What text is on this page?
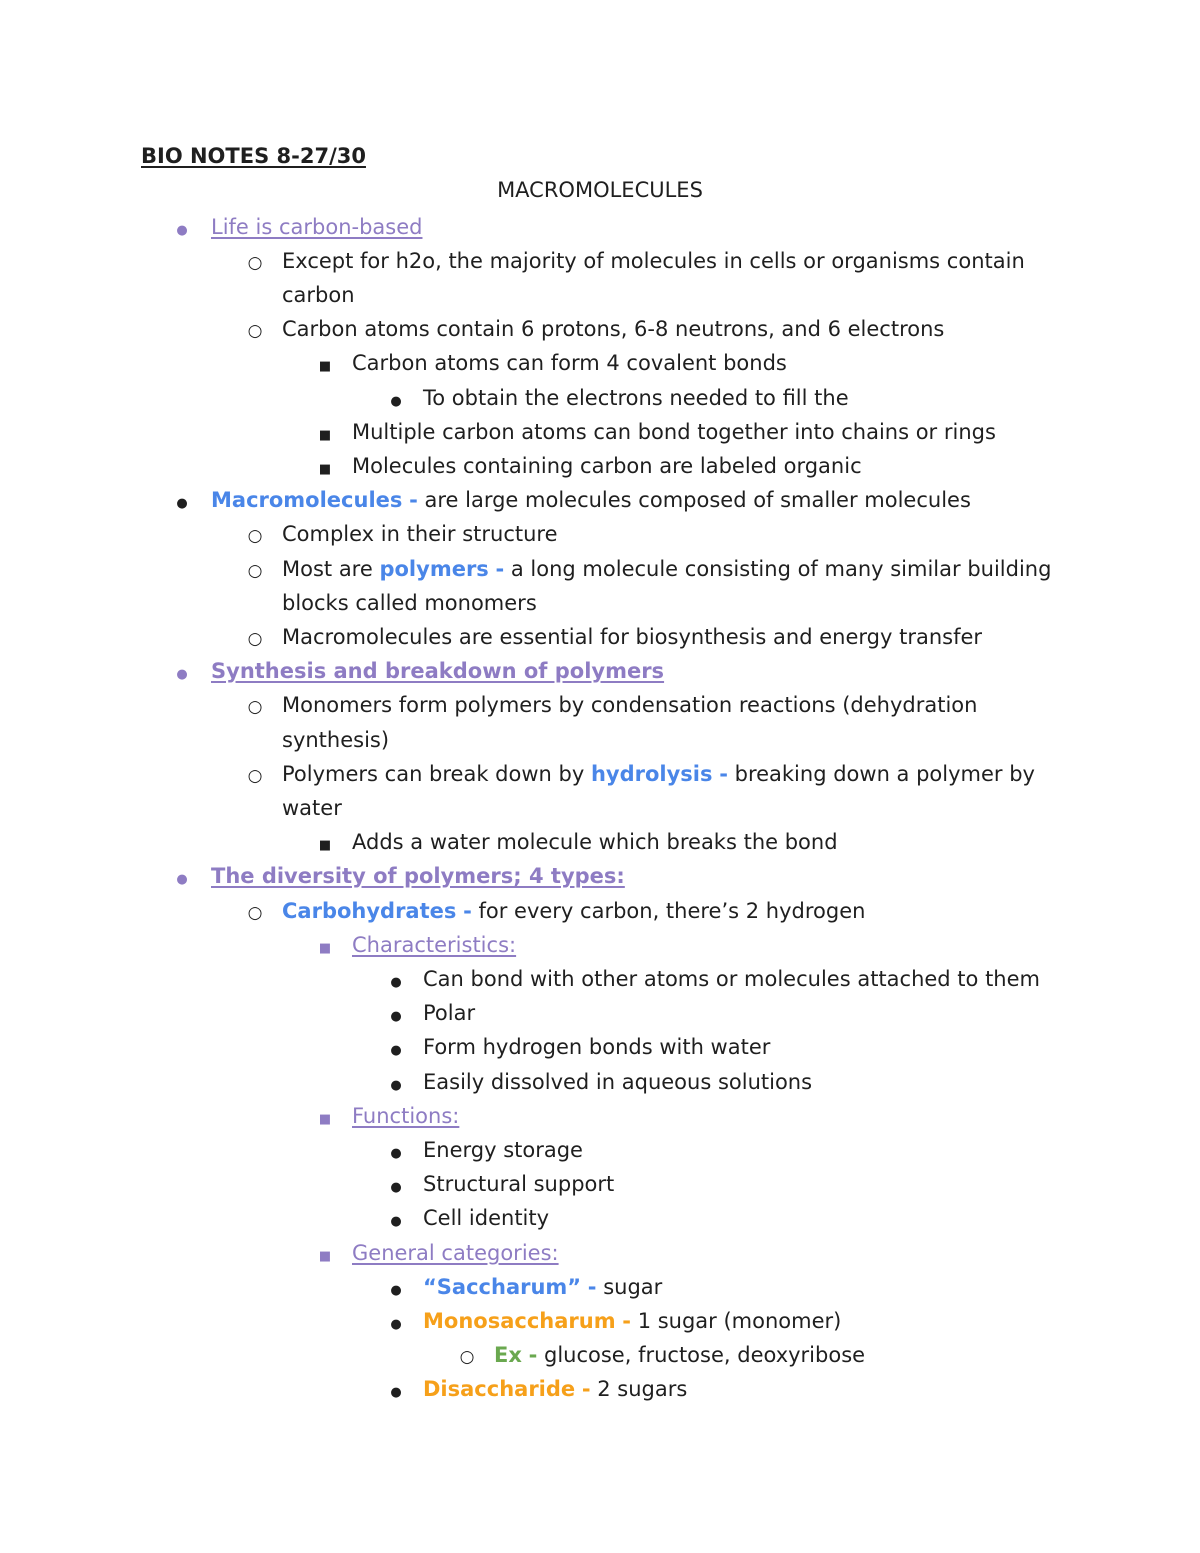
BIO NOTES 8-27/30
MACROMOLECULES
●
Life is carbon-based
○
Except for h2o, the majority of molecules in cells or organisms contain
carbon
○
Carbon atoms contain 6 protons, 6-8 neutrons, and 6 electrons
■
Carbon atoms can form 4 covalent bonds
●
To obtain the electrons needed to fill the
■
Multiple carbon atoms can bond together into chains or rings
■
Molecules containing carbon are labeled organic
●
Macromolecules - are large molecules composed of smaller molecules
○
Complex in their structure
○
Most are polymers - a long molecule consisting of many similar building
blocks called monomers
○
Macromolecules are essential for biosynthesis and energy transfer
●
Synthesis and breakdown of polymers
○
Monomers form polymers by condensation reactions (dehydration
synthesis)
○
Polymers can break down by hydrolysis - breaking down a polymer by
water
■
Adds a water molecule which breaks the bond
●
The diversity of polymers; 4 types:
○
Carbohydrates - for every carbon, there’s 2 hydrogen
■
Characteristics:
●
Can bond with other atoms or molecules attached to them
●
Polar
●
Form hydrogen bonds with water
●
Easily dissolved in aqueous solutions
■
Functions:
●
Energy storage
●
Structural support
●
Cell identity
■
General categories:
●
“Saccharum” - sugar
●
Monosaccharum - 1 sugar (monomer)
○
Ex - glucose, fructose, deoxyribose
●
Disaccharide - 2 sugars
